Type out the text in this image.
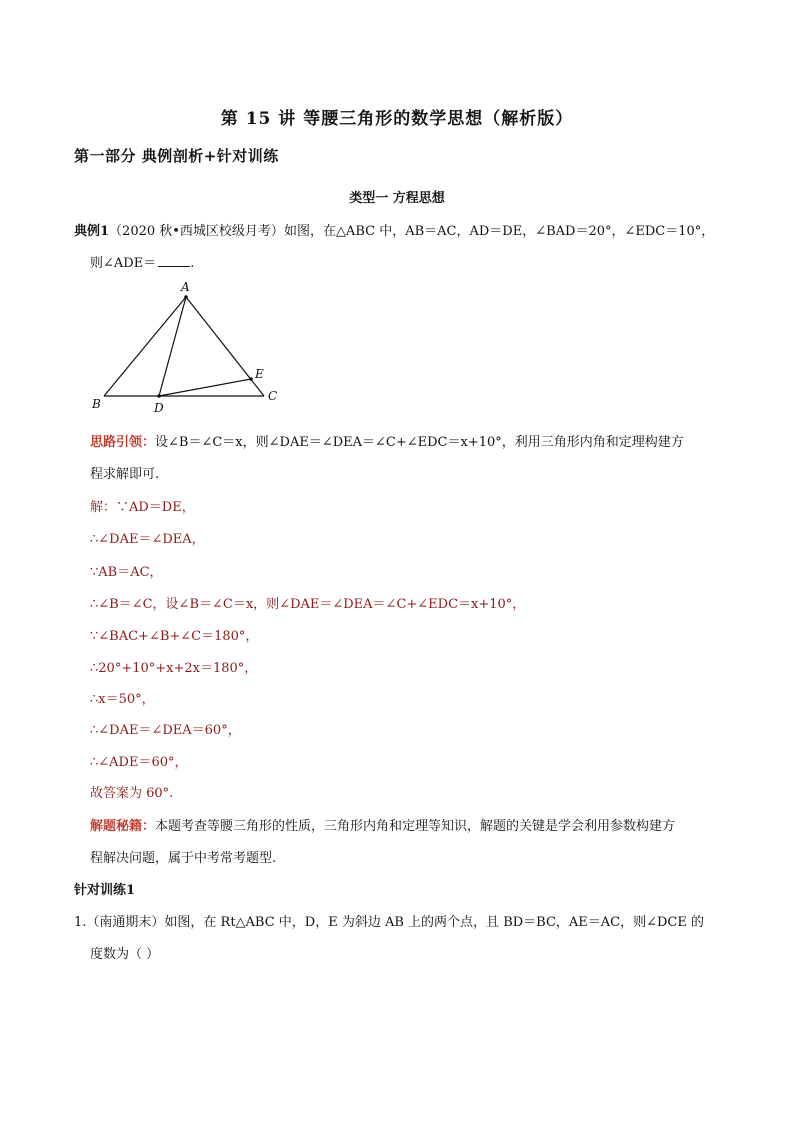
第 15 讲 等腰三角形的数学思想（解析版）
第一部分 典例剖析+针对训练
类型一 方程思想
典例1（2020 秋•西城区校级月考）如图，在△ABC 中，AB＝AC，AD＝DE，∠BAD＝20°，∠EDC＝10°，
则∠ADE＝	.
A
B
C
D
E
思路引领：设∠B＝∠C＝x，则∠DAE＝∠DEA＝∠C+∠EDC＝x+10°，利用三角形内角和定理构建方
程求解即可.
解：∵AD＝DE，
∴∠DAE＝∠DEA，
∵AB＝AC，
∴∠B＝∠C，设∠B＝∠C＝x，则∠DAE＝∠DEA＝∠C+∠EDC＝x+10°，
∵∠BAC+∠B+∠C＝180°，
∴20°+10°+x+2x＝180°，
∴x＝50°，
∴∠DAE＝∠DEA＝60°，
∴∠ADE＝60°，
故答案为 60°.
解题秘籍：本题考查等腰三角形的性质，三角形内角和定理等知识，解题的关键是学会利用参数构建方
程解决问题，属于中考常考题型.
针对训练1
1.（南通期末）如图，在 Rt△ABC 中，D，E 为斜边 AB 上的两个点，且 BD＝BC，AE＝AC，则∠DCE 的
度数为（ ）
